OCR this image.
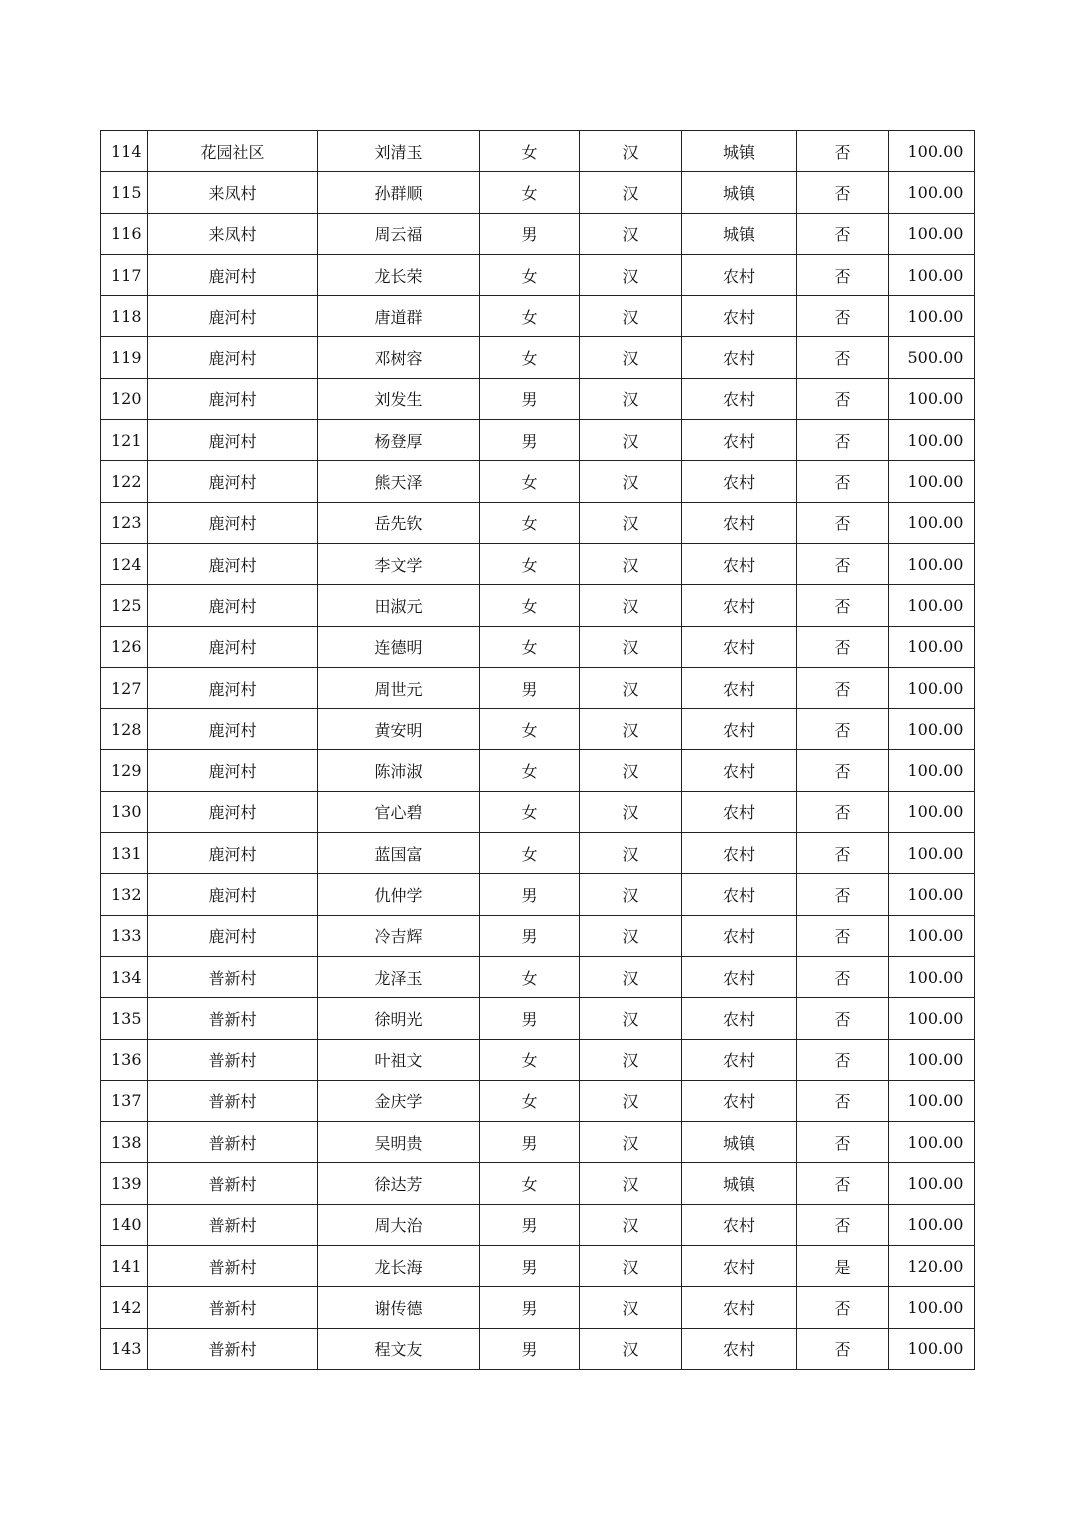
114	花园社区	刘清玉	女	汉	城镇	否	100.00
115	来凤村	孙群顺	女	汉	城镇	否	100.00
116	来凤村	周云福	男	汉	城镇	否	100.00
117	鹿河村	龙长荣	女	汉	农村	否	100.00
118	鹿河村	唐道群	女	汉	农村	否	100.00
119	鹿河村	邓树容	女	汉	农村	否	500.00
120	鹿河村	刘发生	男	汉	农村	否	100.00
121	鹿河村	杨登厚	男	汉	农村	否	100.00
122	鹿河村	熊天泽	女	汉	农村	否	100.00
123	鹿河村	岳先钦	女	汉	农村	否	100.00
124	鹿河村	李文学	女	汉	农村	否	100.00
125	鹿河村	田淑元	女	汉	农村	否	100.00
126	鹿河村	连德明	女	汉	农村	否	100.00
127	鹿河村	周世元	男	汉	农村	否	100.00
128	鹿河村	黄安明	女	汉	农村	否	100.00
129	鹿河村	陈沛淑	女	汉	农村	否	100.00
130	鹿河村	官心碧	女	汉	农村	否	100.00
131	鹿河村	蓝国富	女	汉	农村	否	100.00
132	鹿河村	仇仲学	男	汉	农村	否	100.00
133	鹿河村	冷吉辉	男	汉	农村	否	100.00
134	普新村	龙泽玉	女	汉	农村	否	100.00
135	普新村	徐明光	男	汉	农村	否	100.00
136	普新村	叶祖文	女	汉	农村	否	100.00
137	普新村	金庆学	女	汉	农村	否	100.00
138	普新村	吴明贵	男	汉	城镇	否	100.00
139	普新村	徐达芳	女	汉	城镇	否	100.00
140	普新村	周大治	男	汉	农村	否	100.00
141	普新村	龙长海	男	汉	农村	是	120.00
142	普新村	谢传德	男	汉	农村	否	100.00
143	普新村	程文友	男	汉	农村	否	100.00
